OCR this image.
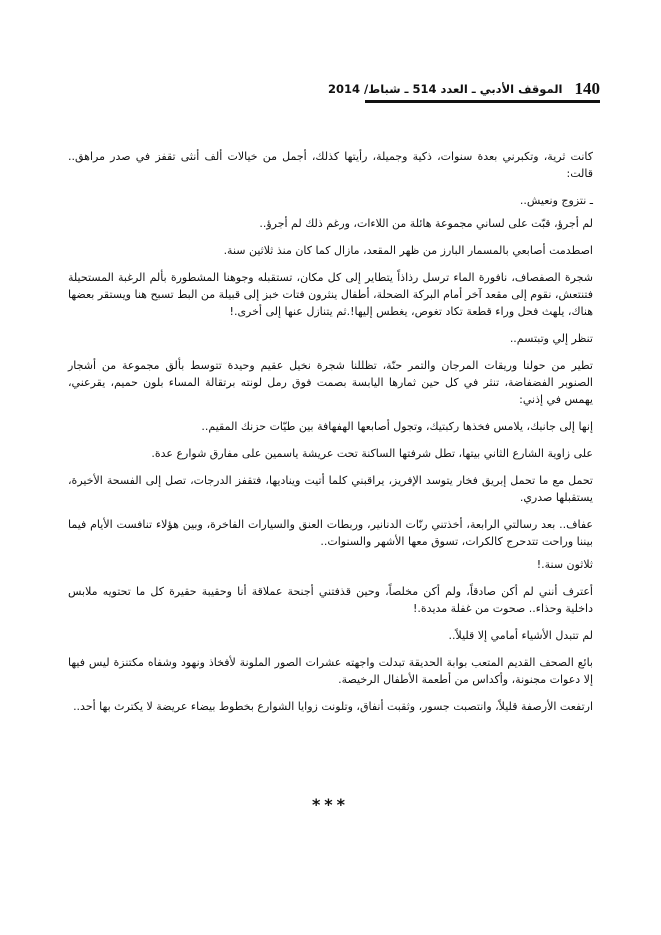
الموقف الأدبي ـ العدد 514 ـ شباط/ 2014 140

كانت ثرية، وتكبرني بعدة سنوات، ذكية وجميلة، رأيتها كذلك، أجمل من خيالات ألف أنثى تقفز في صدر مراهق.. قالت:

ـ نتزوج ونعيش..

لم أجرؤ، قبّت على لساني مجموعة هائلة من اللاءات، ورغم ذلك لم أجرؤ..

اصطدمت أصابعي بالمسمار البارز من ظهر المقعد، مازال كما كان منذ ثلاثين سنة.

شجرة الصفصاف، نافورة الماء ترسل رذاذاً يتطاير إلى كل مكان، تستقبله وجوهنا المشطورة بألم الرغبة المستحيلة فتنتعش، نقوم إلى مقعد آخر أمام البركة الضحلة، أطفال ينثرون فتات خبز إلى قبيلة من البط تسبح هنا ويستقر بعضها هناك، يلهث فحل وراء قطعة تكاد تغوص، يغطس إليها!.ثم يتنازل عنها إلى أخرى.!

تنظر إلي وتبتسم..

تطير من حولنا وريقات المرجان والتمر حنّة، تظللنا شجرة نخيل عقيم وحيدة تتوسط بألق مجموعة من أشجار الصنوبر الفضفاضة، تنثر في كل حين ثمارها اليابسة بصمت فوق رمل لونته برتقالة المساء بلون حميم، يقرعني، يهمس في إذني:

إنها إلى جانبك، يلامس فخذها ركبتيك، وتجول أصابعها الهفهافة بين طيّات حزنك المقيم..

على زاوية الشارع الثاني بيتها، تطل شرفتها الساكنة تحت عريشة ياسمين على مفارق شوارع عدة.

تحمل مع ما تحمل إبريق فخار يتوسد الإفريز، يراقبني كلما أتيت ويناديها، فتقفز الدرجات، تصل إلى الفسحة الأخيرة، يستقبلها صدري.

عفاف.. بعد رسالتي الرابعة، أخذتني رنّات الدنانير، وربطات العنق والسيارات الفاخرة، وبين هؤلاء تنافست الأيام فيما بيننا وراحت تتدحرج كالكرات، تسوق معها الأشهر والسنوات..

ثلاثون سنة.!

أعترف أنني لم أكن صادقاً، ولم أكن مخلصاً، وحين قذفتني أجنحة عملاقة أنا وحقيبة حقيرة كل ما تحتويه ملابس داخلية وحذاء.. صحوت من غفلة مديدة.!

لم تتبدل الأشياء أمامي إلا قليلاً..

بائع الصحف القديم المتعب بوابة الحديقة تبدلت واجهته عشرات الصور الملونة لأفخاذ ونهود وشفاه مكتنزة ليس فيها إلا دعوات مجنونة، وأكداس من أطعمة الأطفال الرخيصة.

ارتفعت الأرصفة قليلاً، وانتصبت جسور، وثقبت أنفاق، وتلونت زوايا الشوارع بخطوط بيضاء عريضة لا يكترث بها أحد..

***
